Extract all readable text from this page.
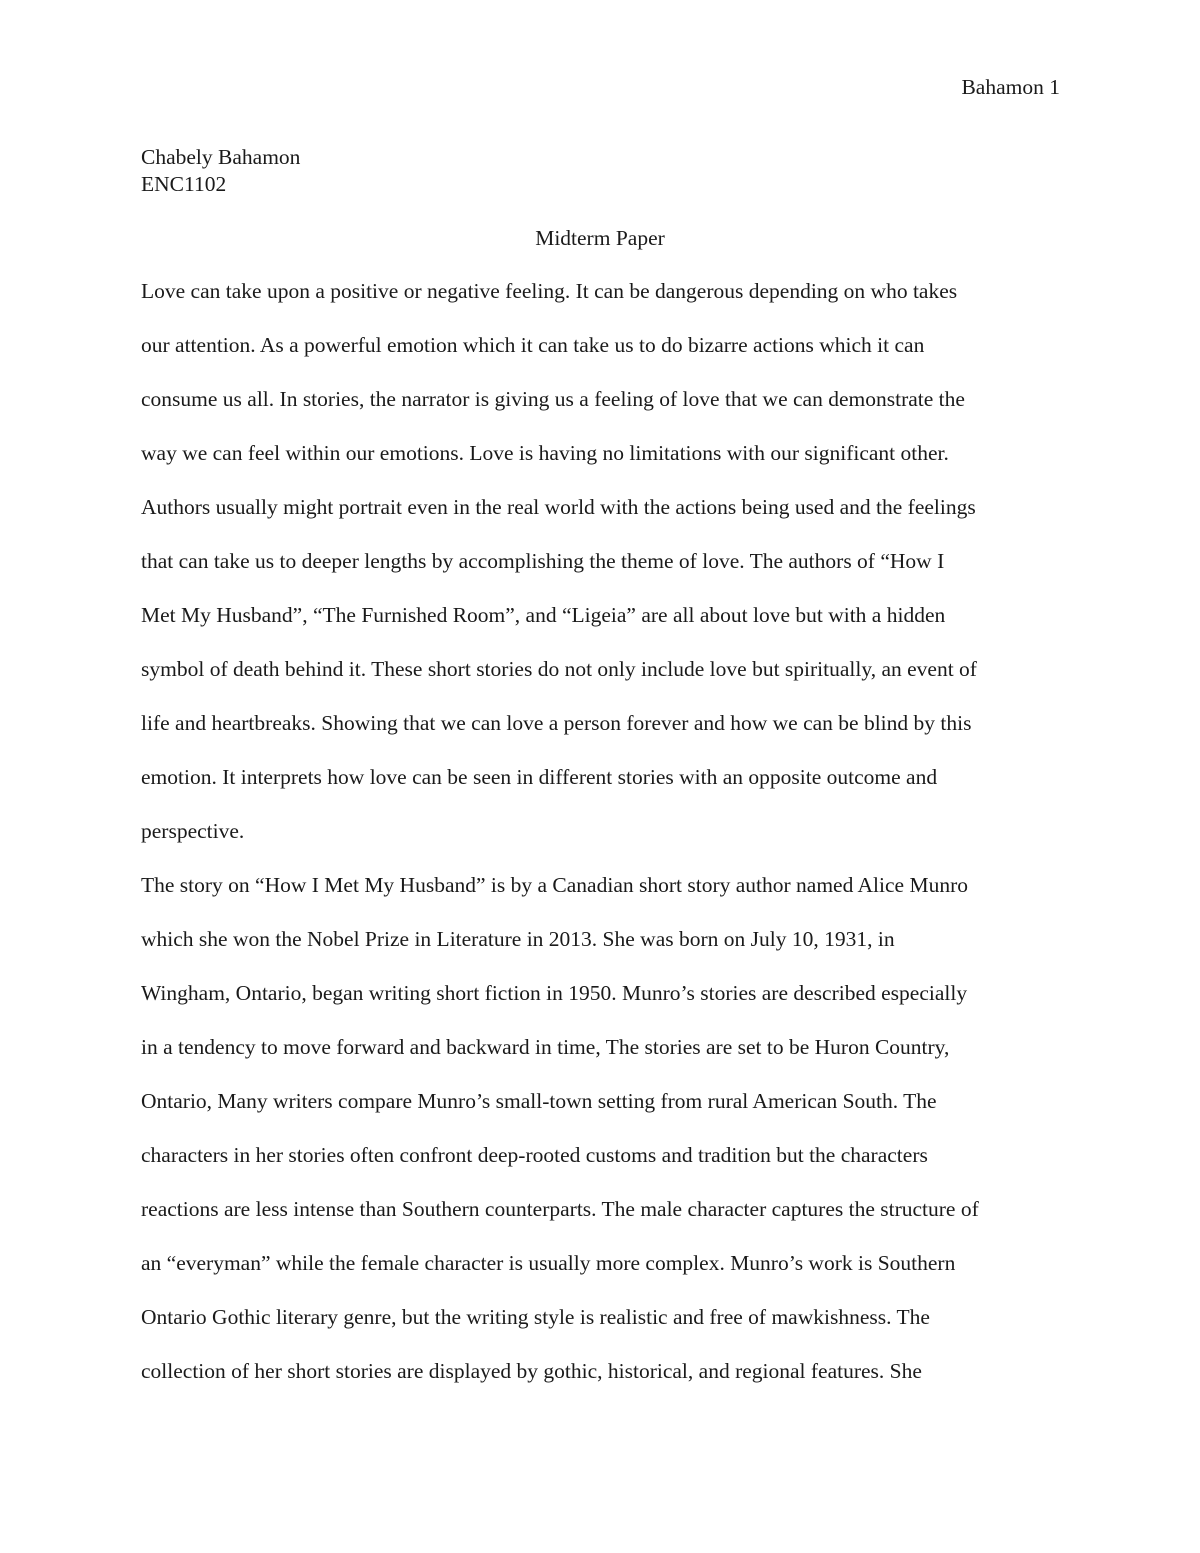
Bahamon 1
Chabely Bahamon
ENC1102
Midterm Paper
Love can take upon a positive or negative feeling. It can be dangerous depending on who takes
our attention. As a powerful emotion which it can take us to do bizarre actions which it can
consume us all. In stories, the narrator is giving us a feeling of love that we can demonstrate the
way we can feel within our emotions. Love is having no limitations with our significant other.
Authors usually might portrait even in the real world with the actions being used and the feelings
that can take us to deeper lengths by accomplishing the theme of love. The authors of “How I
Met My Husband”, “The Furnished Room”, and “Ligeia” are all about love but with a hidden
symbol of death behind it. These short stories do not only include love but spiritually, an event of
life and heartbreaks. Showing that we can love a person forever and how we can be blind by this
emotion. It interprets how love can be seen in different stories with an opposite outcome and
perspective.
The story on “How I Met My Husband” is by a Canadian short story author named Alice Munro
which she won the Nobel Prize in Literature in 2013. She was born on July 10, 1931, in
Wingham, Ontario, began writing short fiction in 1950. Munro’s stories are described especially
in a tendency to move forward and backward in time, The stories are set to be Huron Country,
Ontario, Many writers compare Munro’s small-town setting from rural American South. The
characters in her stories often confront deep-rooted customs and tradition but the characters
reactions are less intense than Southern counterparts. The male character captures the structure of
an “everyman” while the female character is usually more complex. Munro’s work is Southern
Ontario Gothic literary genre, but the writing style is realistic and free of mawkishness. The
collection of her short stories are displayed by gothic, historical, and regional features. She
